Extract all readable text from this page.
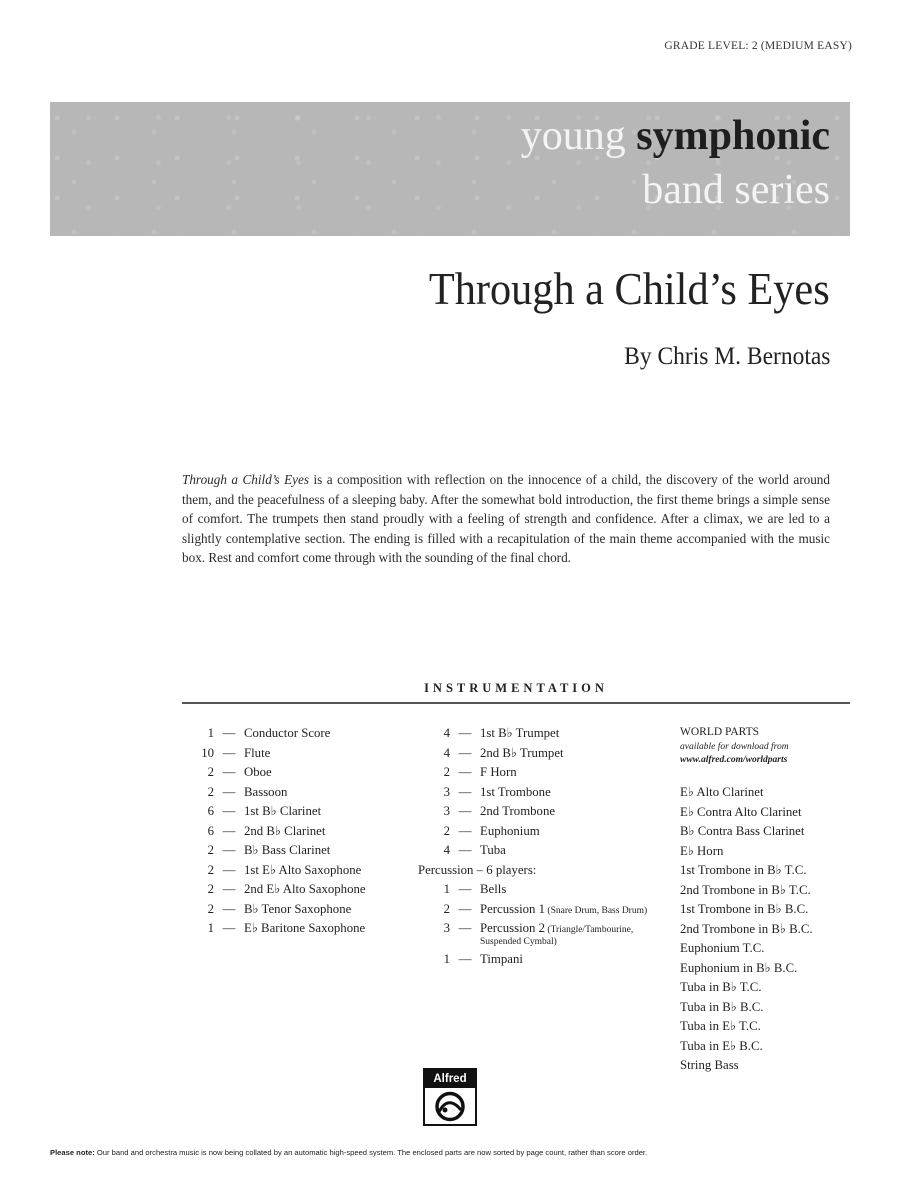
GRADE LEVEL: 2 (MEDIUM EASY)
young symphonic
band series
Through a Child’s Eyes
By Chris M. Bernotas
Through a Child’s Eyes is a composition with reflection on the innocence of a child, the discovery of the world around them, and the peacefulness of a sleeping baby. After the somewhat bold introduction, the first theme brings a simple sense of comfort. The trumpets then stand proudly with a feeling of strength and confidence. After a climax, we are led to a slightly contemplative section. The ending is filled with a recapitulation of the main theme accompanied with the music box. Rest and comfort come through with the sounding of the final chord.
INSTRUMENTATION
1 — Conductor Score
10 — Flute
2 — Oboe
2 — Bassoon
6 — 1st B♭ Clarinet
6 — 2nd B♭ Clarinet
2 — B♭ Bass Clarinet
2 — 1st E♭ Alto Saxophone
2 — 2nd E♭ Alto Saxophone
2 — B♭ Tenor Saxophone
1 — E♭ Baritone Saxophone
4 — 1st B♭ Trumpet
4 — 2nd B♭ Trumpet
2 — F Horn
3 — 1st Trombone
3 — 2nd Trombone
2 — Euphonium
4 — Tuba
Percussion – 6 players:
1 — Bells
2 — Percussion 1 (Snare Drum, Bass Drum)
3 — Percussion 2 (Triangle/Tambourine,
Suspended Cymbal)
1 — Timpani
WORLD PARTS
available for download from
www.alfred.com/worldparts
E♭ Alto Clarinet
E♭ Contra Alto Clarinet
B♭ Contra Bass Clarinet
E♭ Horn
1st Trombone in B♭ T.C.
2nd Trombone in B♭ T.C.
1st Trombone in B♭ B.C.
2nd Trombone in B♭ B.C.
Euphonium T.C.
Euphonium in B♭ B.C.
Tuba in B♭ T.C.
Tuba in B♭ B.C.
Tuba in E♭ T.C.
Tuba in E♭ B.C.
String Bass
Alfred
Please note: Our band and orchestra music is now being collated by an automatic high-speed system. The enclosed parts are now sorted by page count, rather than score order.
